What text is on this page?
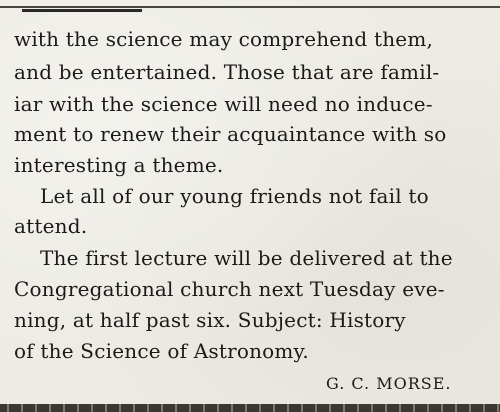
with the science may comprehend them,
and be entertained. Those that are famil-
iar with the science will need no induce-
ment to renew their acquaintance with so
interesting a theme.
Let all of our young friends not fail to
attend.
The first lecture will be delivered at the
Congregational church next Tuesday eve-
ning, at half past six. Subject: History
of the Science of Astronomy.
G. C. MORSE.
